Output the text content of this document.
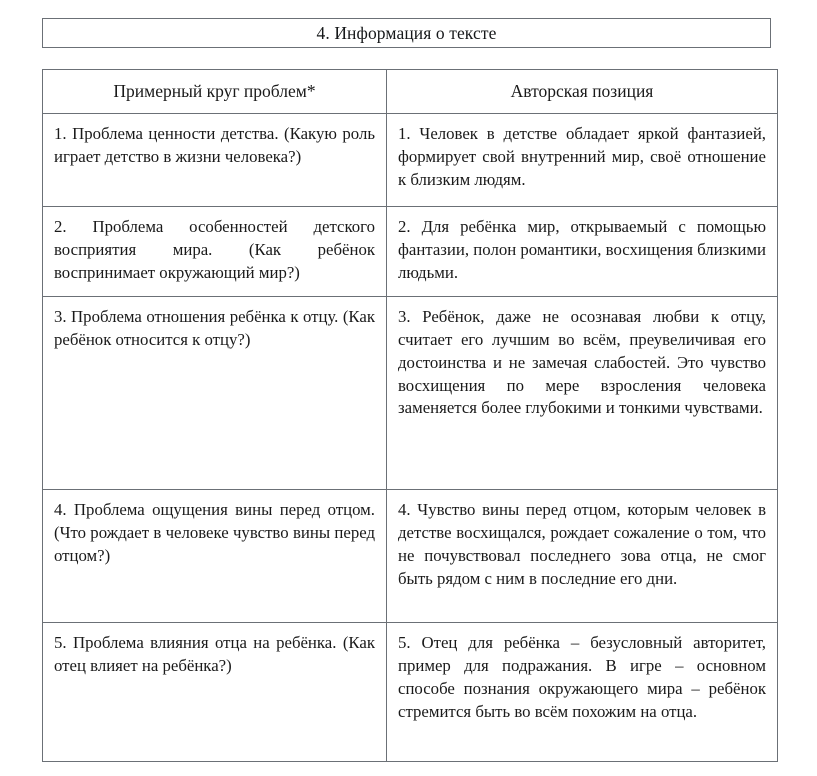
4. Информация о тексте
Примерный круг проблем*	Авторская позиция

1. Проблема ценности детства. (Какую роль играет детство в жизни человека?)	1. Человек в детстве обладает яркой фантазией, формирует свой внутренний мир, своё отношение к близким людям.

2. Проблема особенностей детского восприятия мира. (Как ребёнок воспринимает окружающий мир?)	2. Для ребёнка мир, открываемый с помощью фантазии, полон романтики, восхищения близкими людьми.

3. Проблема отношения ребёнка к отцу. (Как ребёнок относится к отцу?)	3. Ребёнок, даже не осознавая любви к отцу, считает его лучшим во всём, преувеличивая его достоинства и не замечая слабостей. Это чувство восхищения по мере взросления человека заменяется более глубокими и тонкими чувствами.

4. Проблема ощущения вины перед отцом. (Что рождает в человеке чувство вины перед отцом?)	4. Чувство вины перед отцом, которым человек в детстве восхищался, рождает сожаление о том, что не почувствовал последнего зова отца, не смог быть рядом с ним в последние его дни.

5. Проблема влияния отца на ребёнка. (Как отец влияет на ребёнка?)	5. Отец для ребёнка – безусловный авторитет, пример для подражания. В игре – основном способе познания окружающего мира – ребёнок стремится быть во всём похожим на отца.
